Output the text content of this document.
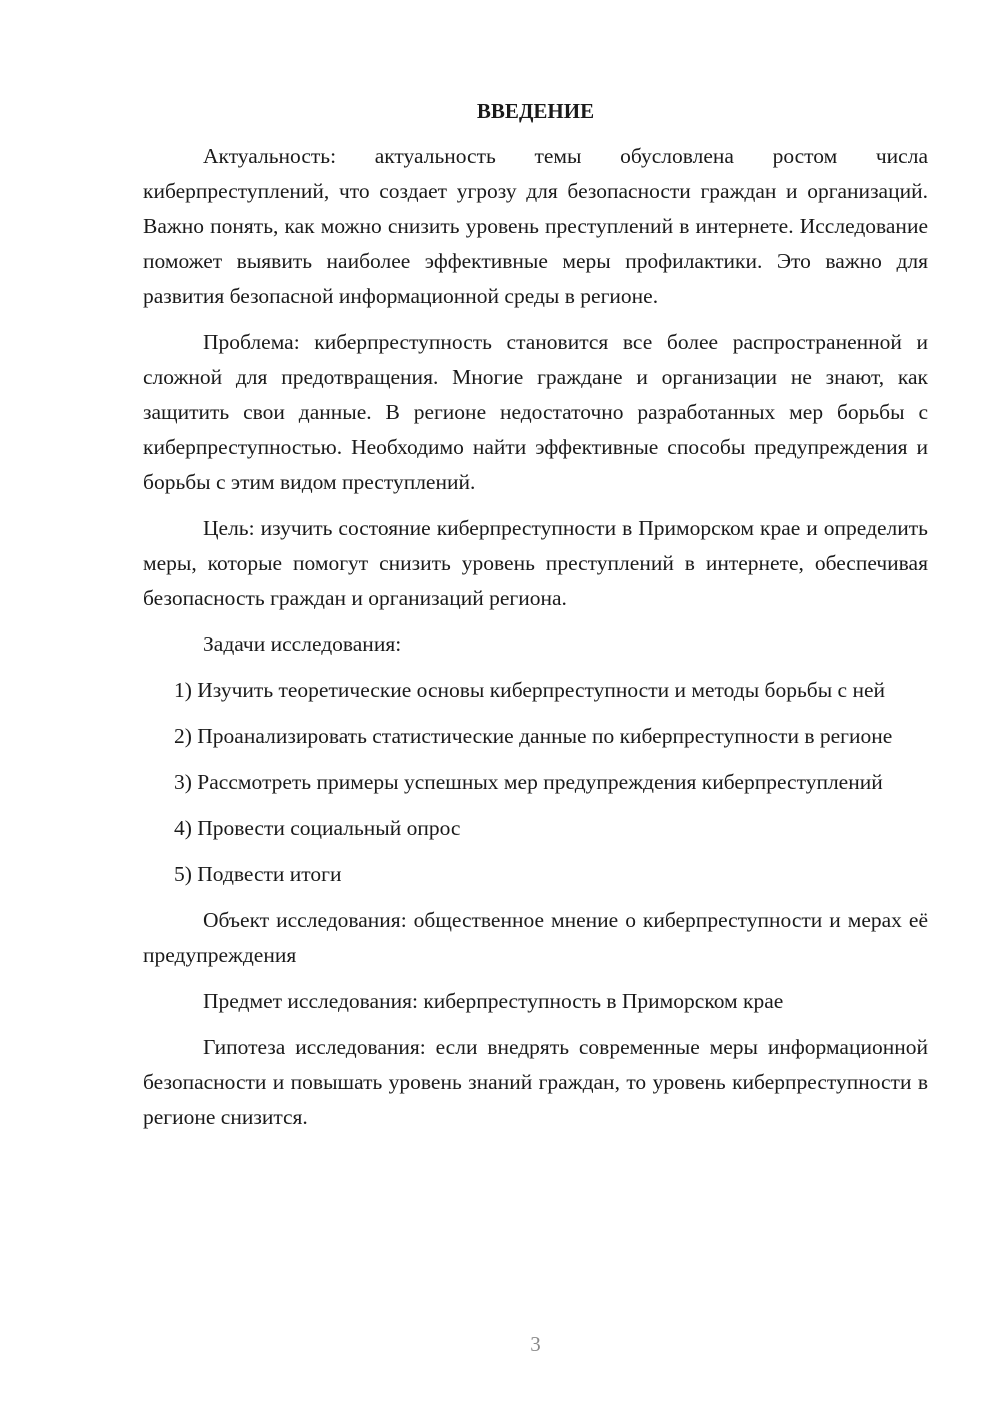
ВВЕДЕНИЕ

Актуальность: актуальность темы обусловлена ростом числа киберпреступлений, что создает угрозу для безопасности граждан и организаций. Важно понять, как можно снизить уровень преступлений в интернете. Исследование поможет выявить наиболее эффективные меры профилактики. Это важно для развития безопасной информационной среды в регионе.

Проблема: киберпреступность становится все более распространенной и сложной для предотвращения. Многие граждане и организации не знают, как защитить свои данные. В регионе недостаточно разработанных мер борьбы с киберпреступностью. Необходимо найти эффективные способы предупреждения и борьбы с этим видом преступлений.

Цель: изучить состояние киберпреступности в Приморском крае и определить меры, которые помогут снизить уровень преступлений в интернете, обеспечивая безопасность граждан и организаций региона.

Задачи исследования:

1) Изучить теоретические основы киберпреступности и методы борьбы с ней

2) Проанализировать статистические данные по киберпреступности в регионе

3) Рассмотреть примеры успешных мер предупреждения киберпреступлений

4) Провести социальный опрос

5) Подвести итоги

Объект исследования: общественное мнение о киберпреступности и мерах её предупреждения

Предмет исследования: киберпреступность в Приморском крае

Гипотеза исследования: если внедрять современные меры информационной безопасности и повышать уровень знаний граждан, то уровень киберпреступности в регионе снизится.

3
